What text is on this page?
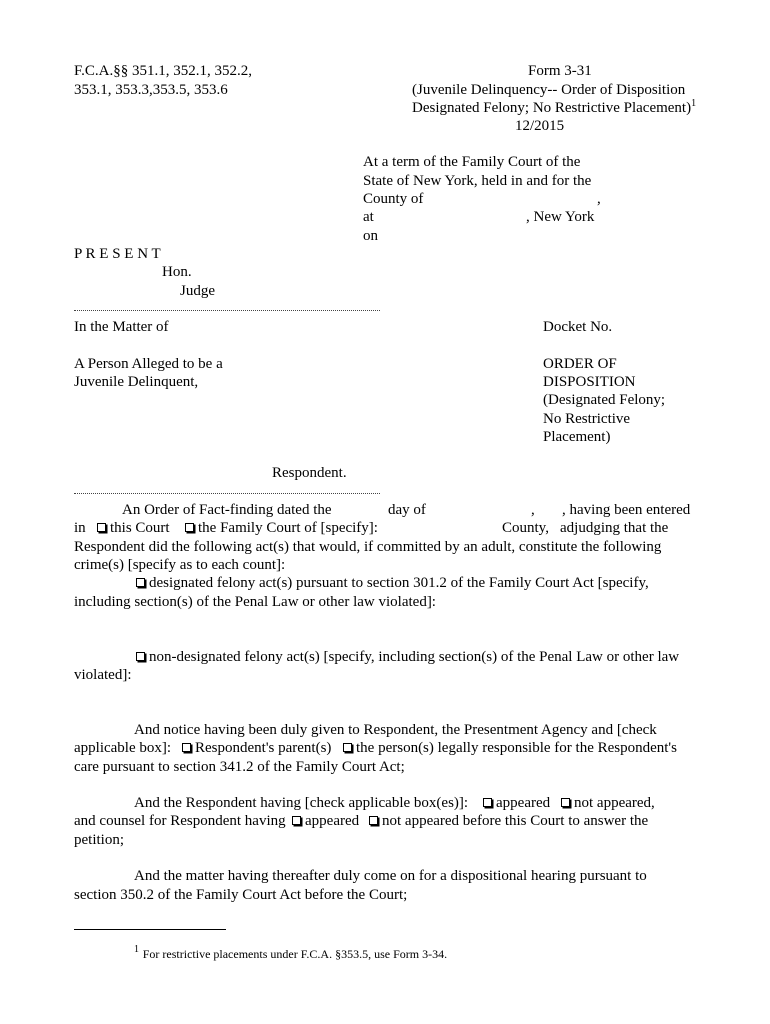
F.C.A.§§ 351.1, 352.1, 352.2,
353.1, 353.3,353.5, 353.6
Form 3-31
(Juvenile Delinquency-- Order of Disposition
Designated Felony; No Restrictive Placement)$^1$
12/2015
At a term of the Family Court of the
State of New York, held in and for the
County of	,
at	, New York
on
P R E S E N T
Hon.
Judge
In the Matter of	Docket No.
A Person Alleged to be a
Juvenile Delinquent,
ORDER OF
DISPOSITION
(Designated Felony;
No Restrictive
Placement)
Respondent.
An Order of Fact-finding dated the	day of	, , having been entered
in	this Court	the Family Court of [specify]:	County, adjudging that the
Respondent did the following act(s) that would, if committed by an adult, constitute the following
crime(s) [specify as to each count]:
designated felony act(s) pursuant to section 301.2 of the Family Court Act [specify,
including section(s) of the Penal Law or other law violated]:
non-designated felony act(s) [specify, including section(s) of the Penal Law or other law
violated]:
And notice having been duly given to Respondent, the Presentment Agency and [check
applicable box]:	Respondent's parent(s)	the person(s) legally responsible for the Respondent's
care pursuant to section 341.2 of the Family Court Act;
And the Respondent having [check applicable box(es)]:	appeared	not appeared,
and counsel for Respondent having	appeared	not appeared before this Court to answer the
petition;
And the matter having thereafter duly come on for a dispositional hearing pursuant to
section 350.2 of the Family Court Act before the Court;
$^1$ For restrictive placements under F.C.A. §353.5, use Form 3-34.
